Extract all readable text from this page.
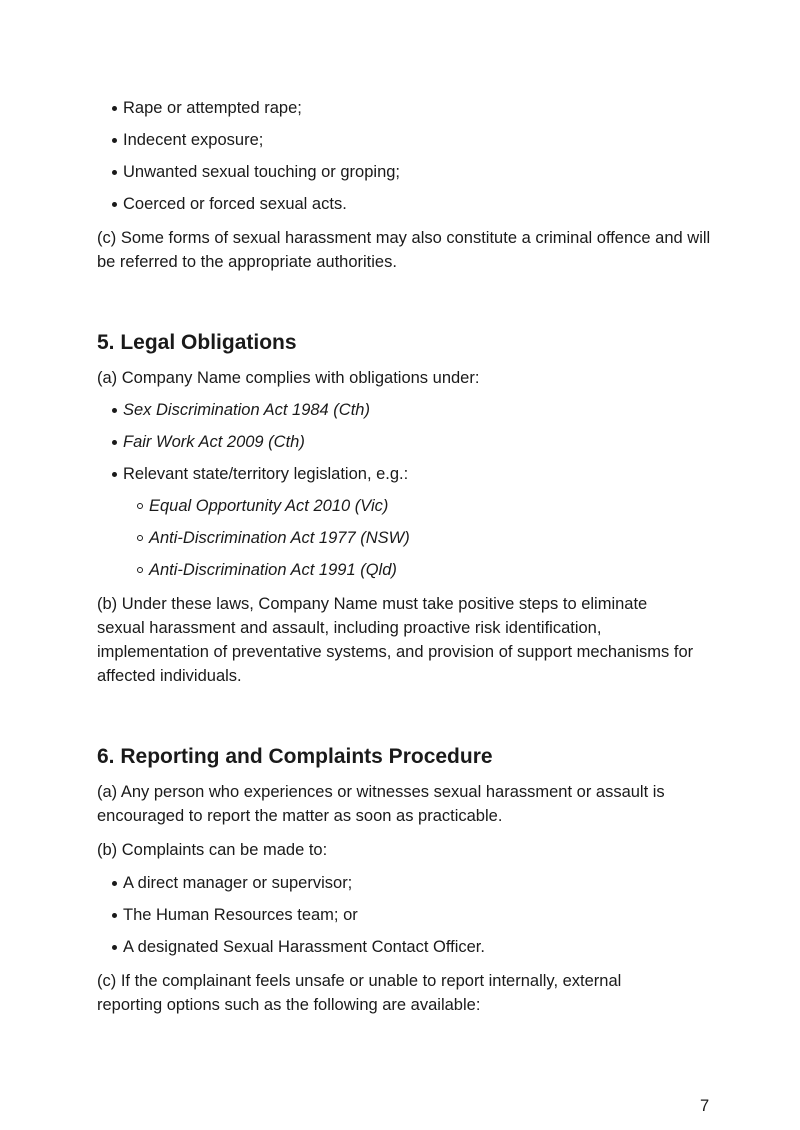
Rape or attempted rape;
Indecent exposure;
Unwanted sexual touching or groping;
Coerced or forced sexual acts.
(c) Some forms of sexual harassment may also constitute a criminal offence and will be referred to the appropriate authorities.
5. Legal Obligations
(a) Company Name complies with obligations under:
Sex Discrimination Act 1984 (Cth)
Fair Work Act 2009 (Cth)
Relevant state/territory legislation, e.g.:
Equal Opportunity Act 2010 (Vic)
Anti-Discrimination Act 1977 (NSW)
Anti-Discrimination Act 1991 (Qld)
(b) Under these laws, Company Name must take positive steps to eliminate sexual harassment and assault, including proactive risk identification, implementation of preventative systems, and provision of support mechanisms for affected individuals.
6. Reporting and Complaints Procedure
(a) Any person who experiences or witnesses sexual harassment or assault is encouraged to report the matter as soon as practicable.
(b) Complaints can be made to:
A direct manager or supervisor;
The Human Resources team; or
A designated Sexual Harassment Contact Officer.
(c) If the complainant feels unsafe or unable to report internally, external reporting options such as the following are available:
7
